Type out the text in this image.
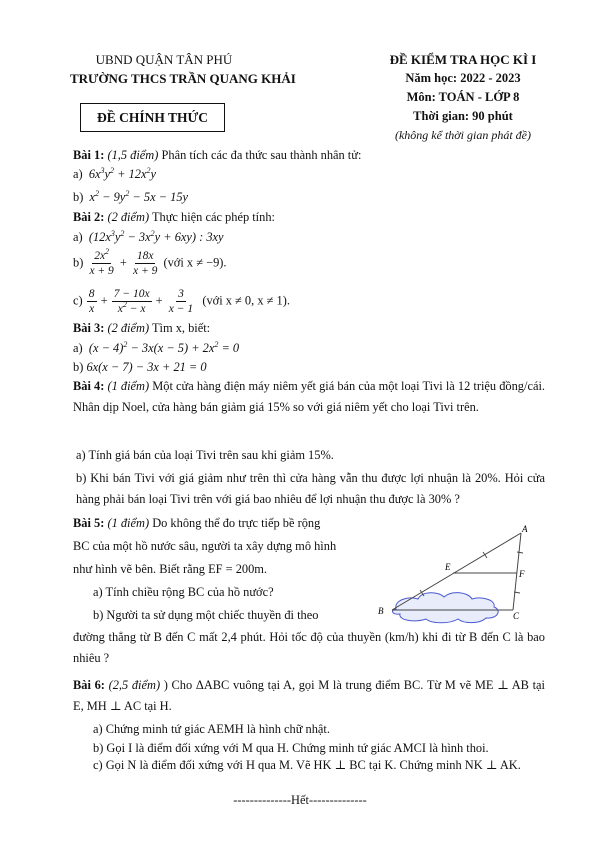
UBND QUẬN TÂN PHÚ
TRƯỜNG THCS TRẦN QUANG KHẢI
ĐỀ CHÍNH THỨC
ĐỀ KIỂM TRA HỌC KÌ I
Năm học: 2022 - 2023
Môn: TOÁN - LỚP 8
Thời gian: 90 phút
(không kể thời gian phát đề)
Bài 1: (1,5 điểm) Phân tích các đa thức sau thành nhân tử:
a)  $6x^3y^2 + 12x^2y$
b)  $x^2 - 9y^2 - 5x - 15y$
Bài 2: (2 điểm) Thực hiện các phép tính:
a)  $(12x^3y^2 - 3x^2y + 6xy)$ : 3xy
$b) \frac{2x^2}{x + 9} + \frac{18x}{x + 9}$ (với x ≠ −9).
$c) \frac{8}{x} + \frac{7 - 10x}{x^2 - x} + \frac{3}{x - 1}$ (với x ≠ 0, x ≠ 1).
Bài 3: (2 điểm) Tìm x, biết:
a)  $(x - 4)^2 - 3x(x - 5) + 2x^2 = 0$
b) 6x(x − 7) − 3x + 21 = 0
Bài 4: (1 điểm) Một cửa hàng điện máy niêm yết giá bán của một loại Tivi là 12 triệu đồng/cái. Nhân dịp Noel, cửa hàng bán giảm giá 15% so với giá niêm yết cho loại Tivi trên.
a) Tính giá bán của loại Tivi trên sau khi giảm 15%.
b) Khi bán Tivi với giá giảm như trên thì cửa hàng vẫn thu được lợi nhuận là 20%. Hỏi cửa hàng phải bán loại Tivi trên với giá bao nhiêu để lợi nhuận thu được là 30% ?
Bài 5: (1 điểm) Do không thể đo trực tiếp bề rộng
BC của một hồ nước sâu, người ta xây dựng mô hình
như hình vẽ bên. Biết rằng EF = 200m.
a) Tính chiều rộng BC của hồ nước?
b) Người ta sử dụng một chiếc thuyền đi theo
A
B	C
E
F
đường thẳng từ B đến C mất 2,4 phút. Hỏi tốc độ của thuyền (km/h) khi đi từ B đến C là bao nhiêu ?
Bài 6: (2,5 điểm) ) Cho ΔABC vuông tại A, gọi M là trung điểm BC. Từ M vẽ ME ⊥ AB tại E, MH ⊥ AC tại H.
a) Chứng minh tứ giác AEMH là hình chữ nhật.
b) Gọi I là điểm đối xứng với M qua H. Chứng minh tứ giác AMCI là hình thoi.
c) Gọi N là điểm đối xứng với H qua M. Vẽ HK ⊥ BC tại K. Chứng minh NK ⊥ AK.
--------------Hết--------------
